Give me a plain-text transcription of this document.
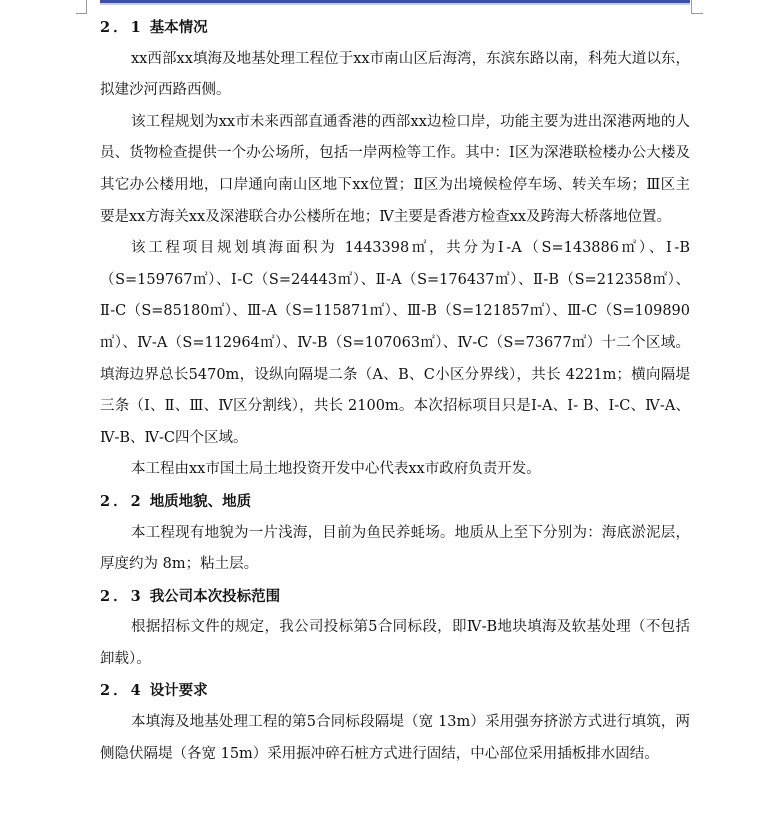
2．1 基本情况

xx西部xx填海及地基处理工程位于xx市南山区后海湾，东滨东路以南，科苑大道以东，拟建沙河西路西侧。

该工程规划为xx市未来西部直通香港的西部xx边检口岸，功能主要为进出深港两地的人员、货物检查提供一个办公场所，包括一岸两检等工作。其中：Ⅰ区为深港联检楼办公大楼及其它办公楼用地，口岸通向南山区地下xx位置；Ⅱ区为出境候检停车场、转关车场；Ⅲ区主要是xx方海关xx及深港联合办公楼所在地；Ⅳ主要是香港方检查xx及跨海大桥落地位置。

该工程项目规划填海面积为 1443398㎡，共分为Ⅰ-A（S=143886㎡）、Ⅰ-B（S=159767㎡）、Ⅰ-C（S=24443㎡）、Ⅱ-A（S=176437㎡）、Ⅱ-B（S=212358㎡）、Ⅱ-C（S=85180㎡）、Ⅲ-A（S=115871㎡）、Ⅲ-B（S=121857㎡）、Ⅲ-C（S=109890㎡）、Ⅳ-A（S=112964㎡）、Ⅳ-B（S=107063㎡）、Ⅳ-C（S=73677㎡）十二个区域。填海边界总长5470m，设纵向隔堤二条（A、B、C小区分界线），共长 4221m；横向隔堤三条（Ⅰ、Ⅱ、Ⅲ、Ⅳ区分割线），共长 2100m。本次招标项目只是Ⅰ-A、Ⅰ- B、Ⅰ-C、Ⅳ-A、Ⅳ-B、Ⅳ-C四个区域。

本工程由xx市国土局土地投资开发中心代表xx市政府负责开发。

2．2 地质地貌、地质

本工程现有地貌为一片浅海，目前为鱼民养蚝场。地质从上至下分别为：海底淤泥层，厚度约为 8m；粘土层。

2．3 我公司本次投标范围

根据招标文件的规定，我公司投标第5合同标段，即Ⅳ-B地块填海及软基处理（不包括卸载）。

2．4 设计要求

本填海及地基处理工程的第5合同标段隔堤（宽 13m）采用强夯挤淤方式进行填筑，两侧隐伏隔堤（各宽 15m）采用振冲碎石桩方式进行固结，中心部位采用插板排水固结。
